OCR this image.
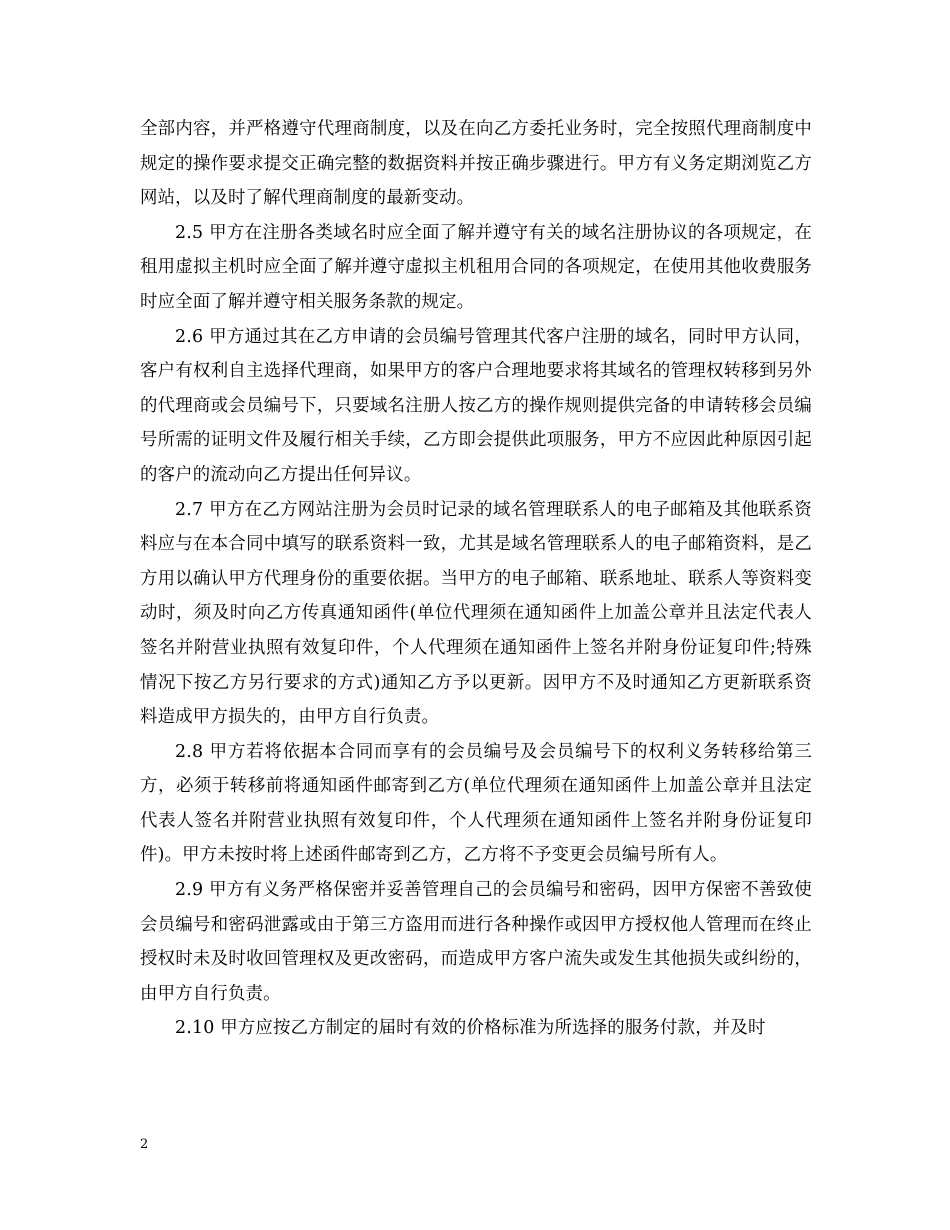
全部内容，并严格遵守代理商制度，以及在向乙方委托业务时，完全按照代理商制度中规定的操作要求提交正确完整的数据资料并按正确步骤进行。甲方有义务定期浏览乙方网站，以及时了解代理商制度的最新变动。

2.5 甲方在注册各类域名时应全面了解并遵守有关的域名注册协议的各项规定，在租用虚拟主机时应全面了解并遵守虚拟主机租用合同的各项规定，在使用其他收费服务时应全面了解并遵守相关服务条款的规定。

2.6 甲方通过其在乙方申请的会员编号管理其代客户注册的域名，同时甲方认同，客户有权利自主选择代理商，如果甲方的客户合理地要求将其域名的管理权转移到另外的代理商或会员编号下，只要域名注册人按乙方的操作规则提供完备的申请转移会员编号所需的证明文件及履行相关手续，乙方即会提供此项服务，甲方不应因此种原因引起的客户的流动向乙方提出任何异议。

2.7 甲方在乙方网站注册为会员时记录的域名管理联系人的电子邮箱及其他联系资料应与在本合同中填写的联系资料一致，尤其是域名管理联系人的电子邮箱资料，是乙方用以确认甲方代理身份的重要依据。当甲方的电子邮箱、联系地址、联系人等资料变动时，须及时向乙方传真通知函件(单位代理须在通知函件上加盖公章并且法定代表人签名并附营业执照有效复印件，个人代理须在通知函件上签名并附身份证复印件;特殊情况下按乙方另行要求的方式)通知乙方予以更新。因甲方不及时通知乙方更新联系资料造成甲方损失的，由甲方自行负责。

2.8 甲方若将依据本合同而享有的会员编号及会员编号下的权利义务转移给第三方，必须于转移前将通知函件邮寄到乙方(单位代理须在通知函件上加盖公章并且法定代表人签名并附营业执照有效复印件，个人代理须在通知函件上签名并附身份证复印件)。甲方未按时将上述函件邮寄到乙方，乙方将不予变更会员编号所有人。

2.9 甲方有义务严格保密并妥善管理自己的会员编号和密码，因甲方保密不善致使会员编号和密码泄露或由于第三方盗用而进行各种操作或因甲方授权他人管理而在终止授权时未及时收回管理权及更改密码，而造成甲方客户流失或发生其他损失或纠纷的，由甲方自行负责。

2.10 甲方应按乙方制定的届时有效的价格标准为所选择的服务付款，并及时

2
